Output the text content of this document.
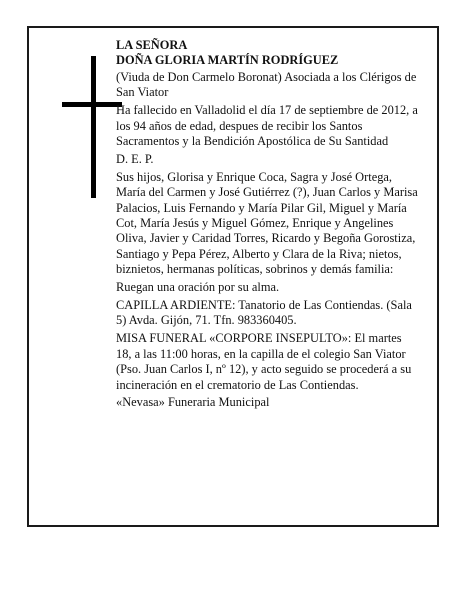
LA SEÑORA

DOÑA GLORIA MARTÍN RODRÍGUEZ

(Viuda de Don Carmelo Boronat) Asociada a los Clérigos de San Viator

Ha fallecido en Valladolid el día 17 de septiembre de 2012, a los 94 años de edad, despues de recibir los Santos Sacramentos y la Bendición Apostólica de Su Santidad

D. E. P.

Sus hijos, Glorisa y Enrique Coca, Sagra y José Ortega, María del Carmen y José Gutiérrez (?), Juan Carlos y Marisa Palacios, Luis Fernando y María Pilar Gil, Miguel y María Cot, María Jesús y Miguel Gómez, Enrique y Angelines Oliva, Javier y Caridad Torres, Ricardo y Begoña Gorostiza, Santiago y Pepa Pérez, Alberto y Clara de la Riva; nietos, biznietos, hermanas políticas, sobrinos y demás familia:

Ruegan una oración por su alma.

CAPILLA ARDIENTE: Tanatorio de Las Contiendas. (Sala 5) Avda. Gijón, 71. Tfn. 983360405.

MISA FUNERAL «CORPORE INSEPULTO»: El martes 18, a las 11:00 horas, en la capilla de el colegio San Viator (Pso. Juan Carlos I, nº 12), y acto seguido se procederá a su incineración en el crematorio de Las Contiendas.

«Nevasa» Funeraria Municipal
